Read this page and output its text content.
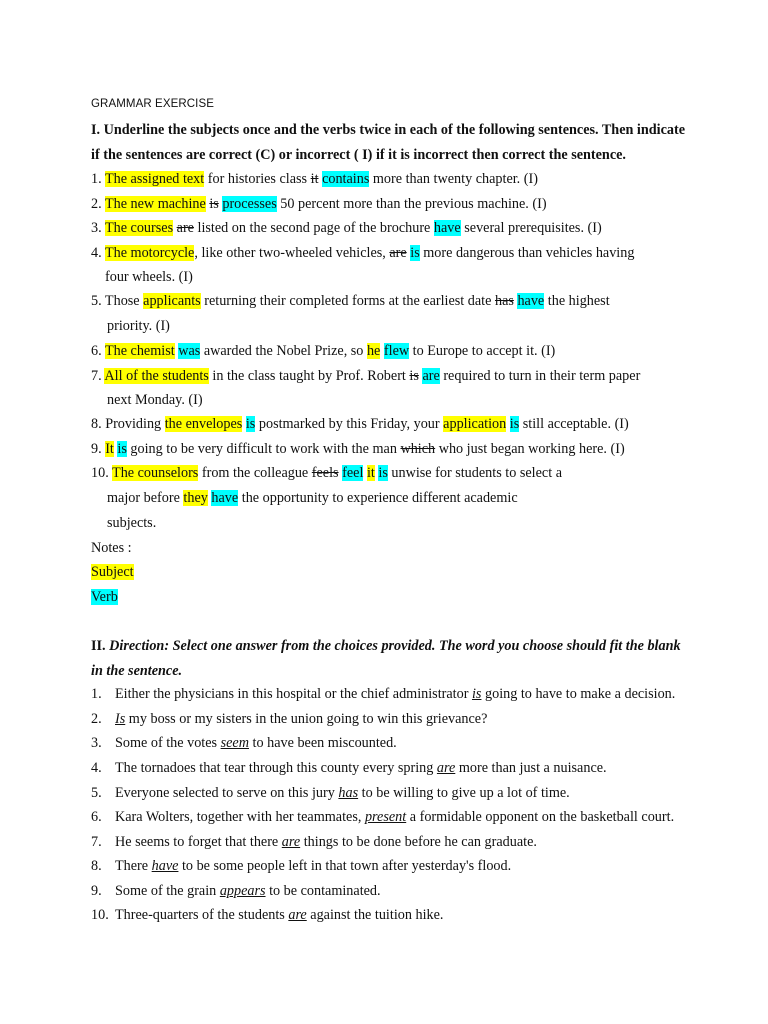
GRAMMAR EXERCISE
I. Underline the subjects once and the verbs twice in each of the following sentences. Then indicate
if the sentences are correct (C) or incorrect ( I) if it is incorrect then correct the sentence.
1. The assigned text for histories class it contains more than twenty chapter. (I)
2. The new machine is processes 50 percent more than the previous machine. (I)
3. The courses are listed on the second page of the brochure have several prerequisites. (I)
4. The motorcycle, like other two-wheeled vehicles, are is more dangerous than vehicles having
four wheels. (I)
5. Those applicants returning their completed forms at the earliest date has have the highest
priority. (I)
6. The chemist was awarded the Nobel Prize, so he flew to Europe to accept it. (I)
7. All of the students in the class taught by Prof. Robert is are required to turn in their term paper
next Monday. (I)
8. Providing the envelopes is postmarked by this Friday, your application is still acceptable. (I)
9. It is going to be very difficult to work with the man which who just began working here. (I)
10. The counselors from the colleague feels feel it is unwise for students to select a
major before they have the opportunity to experience different academic
subjects.
Notes :
Subject
Verb
II. Direction: Select one answer from the choices provided. The word you choose should fit the blank
in the sentence.
1. Either the physicians in this hospital or the chief administrator is going to have to make a decision.
2. Is my boss or my sisters in the union going to win this grievance?
3. Some of the votes seem to have been miscounted.
4. The tornadoes that tear through this county every spring are more than just a nuisance.
5. Everyone selected to serve on this jury has to be willing to give up a lot of time.
6. Kara Wolters, together with her teammates, present a formidable opponent on the basketball court.
7. He seems to forget that there are things to be done before he can graduate.
8. There have to be some people left in that town after yesterday's flood.
9. Some of the grain appears to be contaminated.
10. Three-quarters of the students are against the tuition hike.
